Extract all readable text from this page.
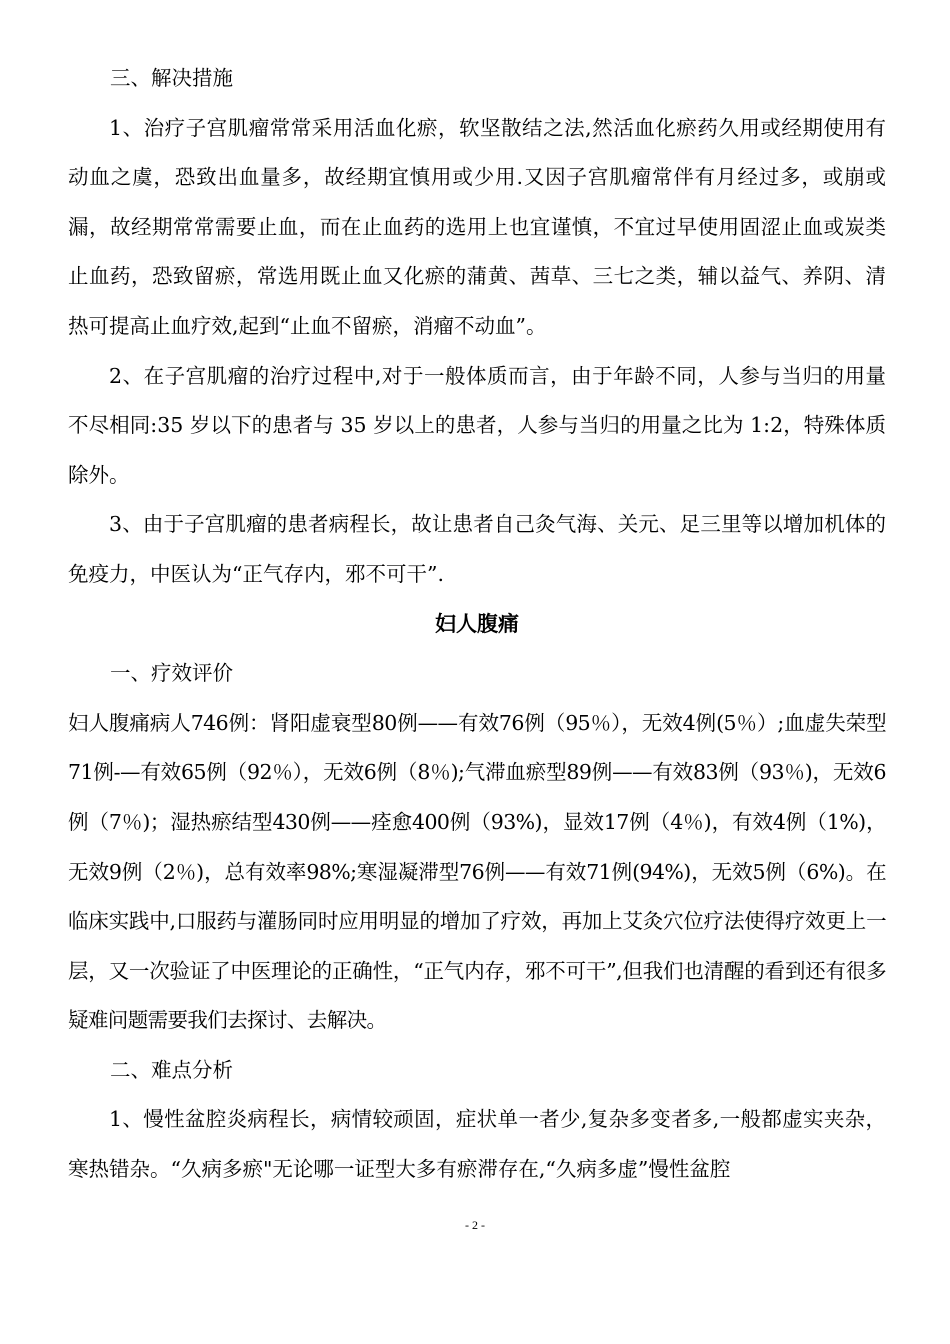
三、解决措施

1、治疗子宫肌瘤常常采用活血化瘀，软坚散结之法,然活血化瘀药久用或经期使用有动血之虞，恐致出血量多，故经期宜慎用或少用.又因子宫肌瘤常伴有月经过多，或崩或漏，故经期常常需要止血，而在止血药的选用上也宜谨慎，不宜过早使用固涩止血或炭类止血药，恐致留瘀，常选用既止血又化瘀的蒲黄、茜草、三七之类，辅以益气、养阴、清热可提高止血疗效,起到“止血不留瘀，消瘤不动血”。

2、在子宫肌瘤的治疗过程中,对于一般体质而言，由于年龄不同，人参与当归的用量不尽相同:35 岁以下的患者与 35 岁以上的患者，人参与当归的用量之比为 1:2，特殊体质除外。

3、由于子宫肌瘤的患者病程长，故让患者自己灸气海、关元、足三里等以增加机体的免疫力，中医认为“正气存内，邪不可干”.

妇人腹痛

一、疗效评价

妇人腹痛病人746例：肾阳虚衰型80例——有效76例（95％），无效4例(5％）;血虚失荣型71例-—有效65例（92％），无效6例（8％);气滞血瘀型89例——有效83例（93％)，无效6例（7％)；湿热瘀结型430例——痊愈400例（93%)，显效17例（4％)，有效4例（1%)，无效9例（2％)，总有效率98%;寒湿凝滞型76例——有效71例(94%)，无效5例（6%)。在临床实践中,口服药与灌肠同时应用明显的增加了疗效，再加上艾灸穴位疗法使得疗效更上一层，又一次验证了中医理论的正确性，“正气内存，邪不可干”,但我们也清醒的看到还有很多疑难问题需要我们去探讨、去解决。

二、难点分析

1、慢性盆腔炎病程长，病情较顽固，症状单一者少,复杂多变者多,一般都虚实夹杂，寒热错杂。“久病多瘀"无论哪一证型大多有瘀滞存在,“久病多虚”慢性盆腔

- 2 -
